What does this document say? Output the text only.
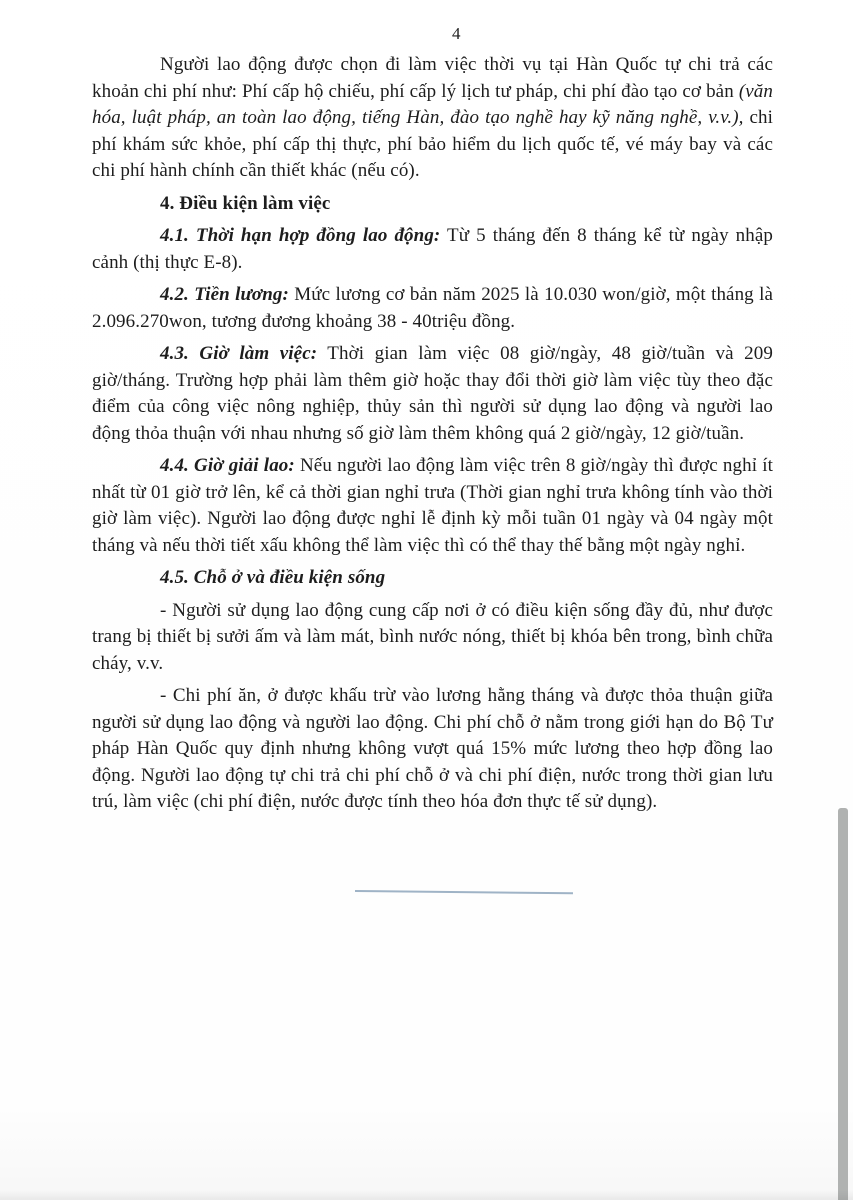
4

Người lao động được chọn đi làm việc thời vụ tại Hàn Quốc tự chi trả các khoản chi phí như: Phí cấp hộ chiếu, phí cấp lý lịch tư pháp, chi phí đào tạo cơ bản (văn hóa, luật pháp, an toàn lao động, tiếng Hàn, đào tạo nghề hay kỹ năng nghề, v.v.), chi phí khám sức khỏe, phí cấp thị thực, phí bảo hiểm du lịch quốc tế, vé máy bay và các chi phí hành chính cần thiết khác (nếu có).

4. Điều kiện làm việc

4.1. Thời hạn hợp đồng lao động: Từ 5 tháng đến 8 tháng kể từ ngày nhập cảnh (thị thực E-8).

4.2. Tiền lương: Mức lương cơ bản năm 2025 là 10.030 won/giờ, một tháng là 2.096.270won, tương đương khoảng 38 - 40triệu đồng.

4.3. Giờ làm việc: Thời gian làm việc 08 giờ/ngày, 48 giờ/tuần và 209 giờ/tháng. Trường hợp phải làm thêm giờ hoặc thay đổi thời giờ làm việc tùy theo đặc điểm của công việc nông nghiệp, thủy sản thì người sử dụng lao động và người lao động thỏa thuận với nhau nhưng số giờ làm thêm không quá 2 giờ/ngày, 12 giờ/tuần.

4.4. Giờ giải lao: Nếu người lao động làm việc trên 8 giờ/ngày thì được nghỉ ít nhất từ 01 giờ trở lên, kể cả thời gian nghỉ trưa (Thời gian nghỉ trưa không tính vào thời giờ làm việc). Người lao động được nghỉ lễ định kỳ mỗi tuần 01 ngày và 04 ngày một tháng và nếu thời tiết xấu không thể làm việc thì có thể thay thế bằng một ngày nghỉ.

4.5. Chỗ ở và điều kiện sống

- Người sử dụng lao động cung cấp nơi ở có điều kiện sống đầy đủ, như được trang bị thiết bị sưởi ấm và làm mát, bình nước nóng, thiết bị khóa bên trong, bình chữa cháy, v.v.

- Chi phí ăn, ở được khấu trừ vào lương hằng tháng và được thỏa thuận giữa người sử dụng lao động và người lao động. Chi phí chỗ ở nằm trong giới hạn do Bộ Tư pháp Hàn Quốc quy định nhưng không vượt quá 15% mức lương theo hợp đồng lao động. Người lao động tự chi trả chi phí chỗ ở và chi phí điện, nước trong thời gian lưu trú, làm việc (chi phí điện, nước được tính theo hóa đơn thực tế sử dụng).
